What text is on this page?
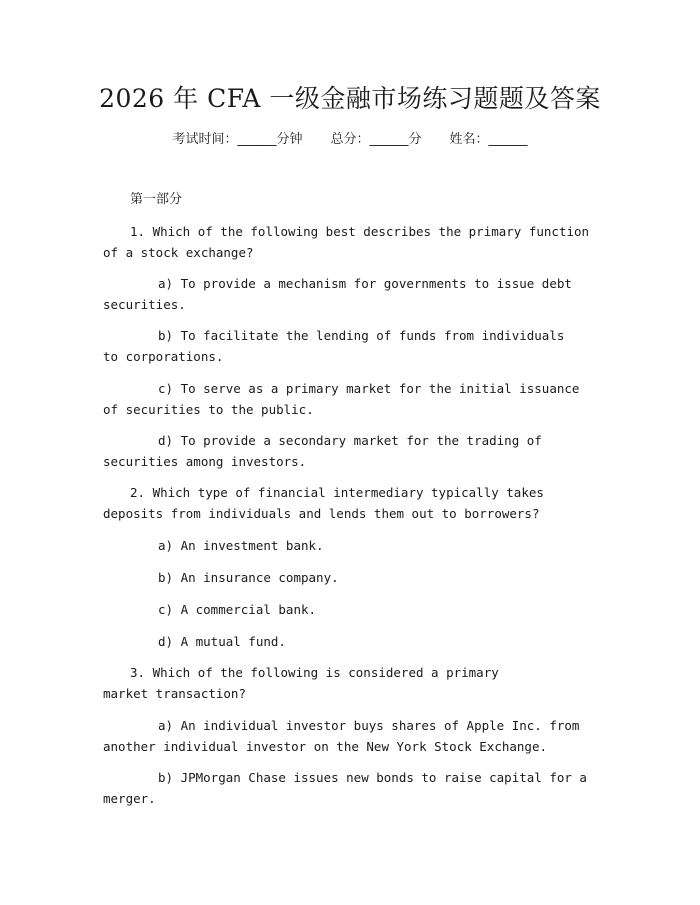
2026 年 CFA 一级金融市场练习题题及答案
考试时间：______分钟 总分：______分 姓名：______
第一部分
1. Which of the following best describes the primary function of a stock exchange?
a) To provide a mechanism for governments to issue debt securities.
b) To facilitate the lending of funds from individuals to corporations.
c) To serve as a primary market for the initial issuance of securities to the public.
d) To provide a secondary market for the trading of securities among investors.
2. Which type of financial intermediary typically takes deposits from individuals and lends them out to borrowers?
a) An investment bank.
b) An insurance company.
c) A commercial bank.
d) A mutual fund.
3. Which of the following is considered a primary market transaction?
a) An individual investor buys shares of Apple Inc. from another individual investor on the New York Stock Exchange.
b) JPMorgan Chase issues new bonds to raise capital for a merger.
